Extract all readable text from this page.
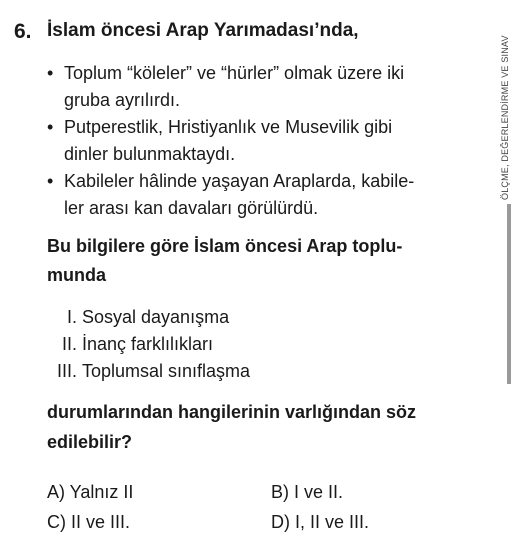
6. İslam öncesi Arap Yarımadası’nda,
• Toplum “köleler” ve “hürler” olmak üzere iki
gruba ayrılırdı.
• Putperestlik, Hristiyanlık ve Musevilik gibi
dinler bulunmaktaydı.
• Kabileler hâlinde yaşayan Araplarda, kabile-
ler arası kan davaları görülürdü.
Bu bilgilere göre İslam öncesi Arap toplu-
munda
I. Sosyal dayanışma
II. İnanç farklılıkları
III. Toplumsal sınıflaşma
durumlarından hangilerinin varlığından söz
edilebilir?
A) Yalnız II	B) I ve II.
C) II ve III.	D) I, II ve III.
ÖLÇME, DEĞERLENDİRME VE SINAV
